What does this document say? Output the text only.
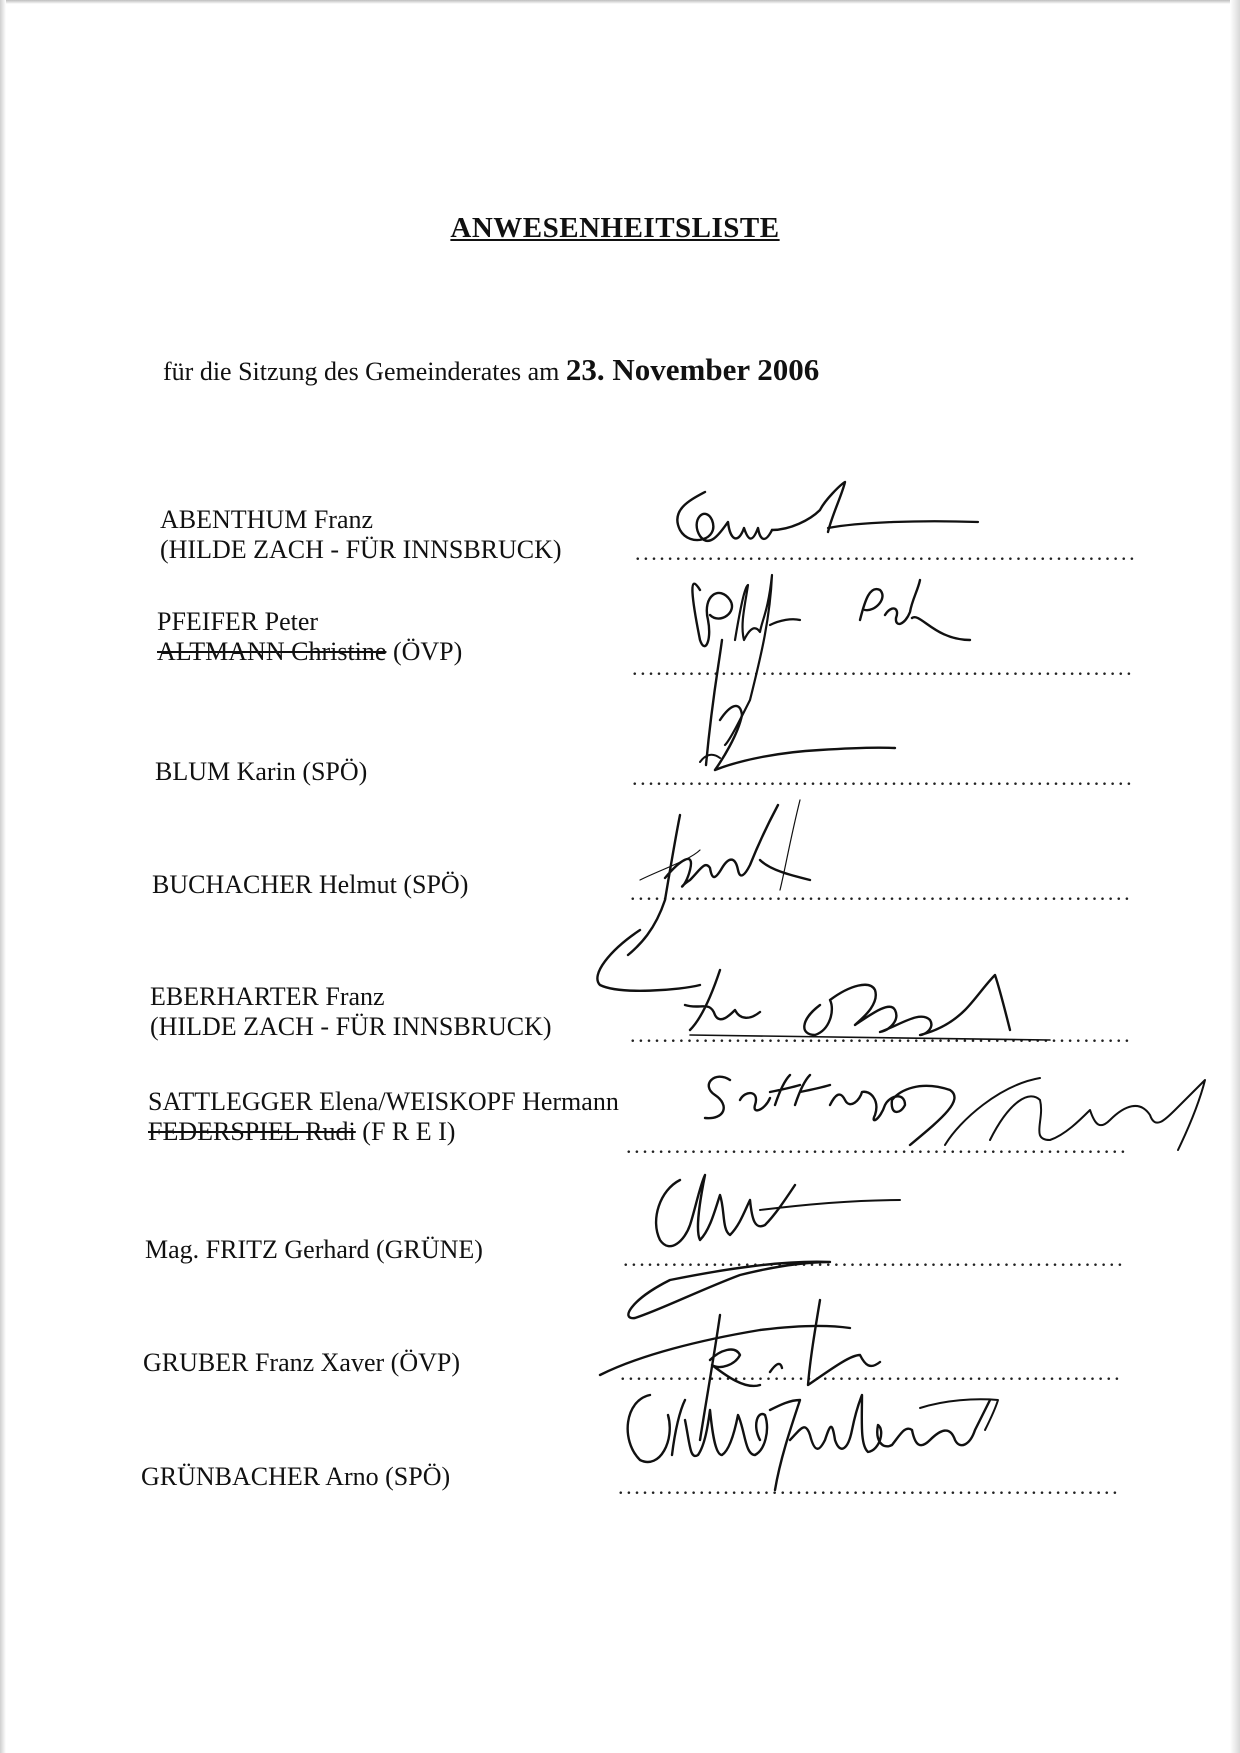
ANWESENHEITSLISTE
für die Sitzung des Gemeinderates am 23. November 2006
ABENTHUM Franz
(HILDE ZACH - FÜR INNSBRUCK)	..............................................................
PFEIFER Peter
ALTMANN Christine (ÖVP)
..............................................................
BLUM Karin (SPÖ)	..............................................................
BUCHACHER Helmut (SPÖ)	..............................................................
EBERHARTER Franz
(HILDE ZACH - FÜR INNSBRUCK)	..............................................................
SATTLEGGER Elena/WEISKOPF Hermann
FEDERSPIEL Rudi (F R E I)	..............................................................
Mag. FRITZ Gerhard (GRÜNE)	..............................................................
GRUBER Franz Xaver (ÖVP)	..............................................................
GRÜNBACHER Arno (SPÖ)	..............................................................
